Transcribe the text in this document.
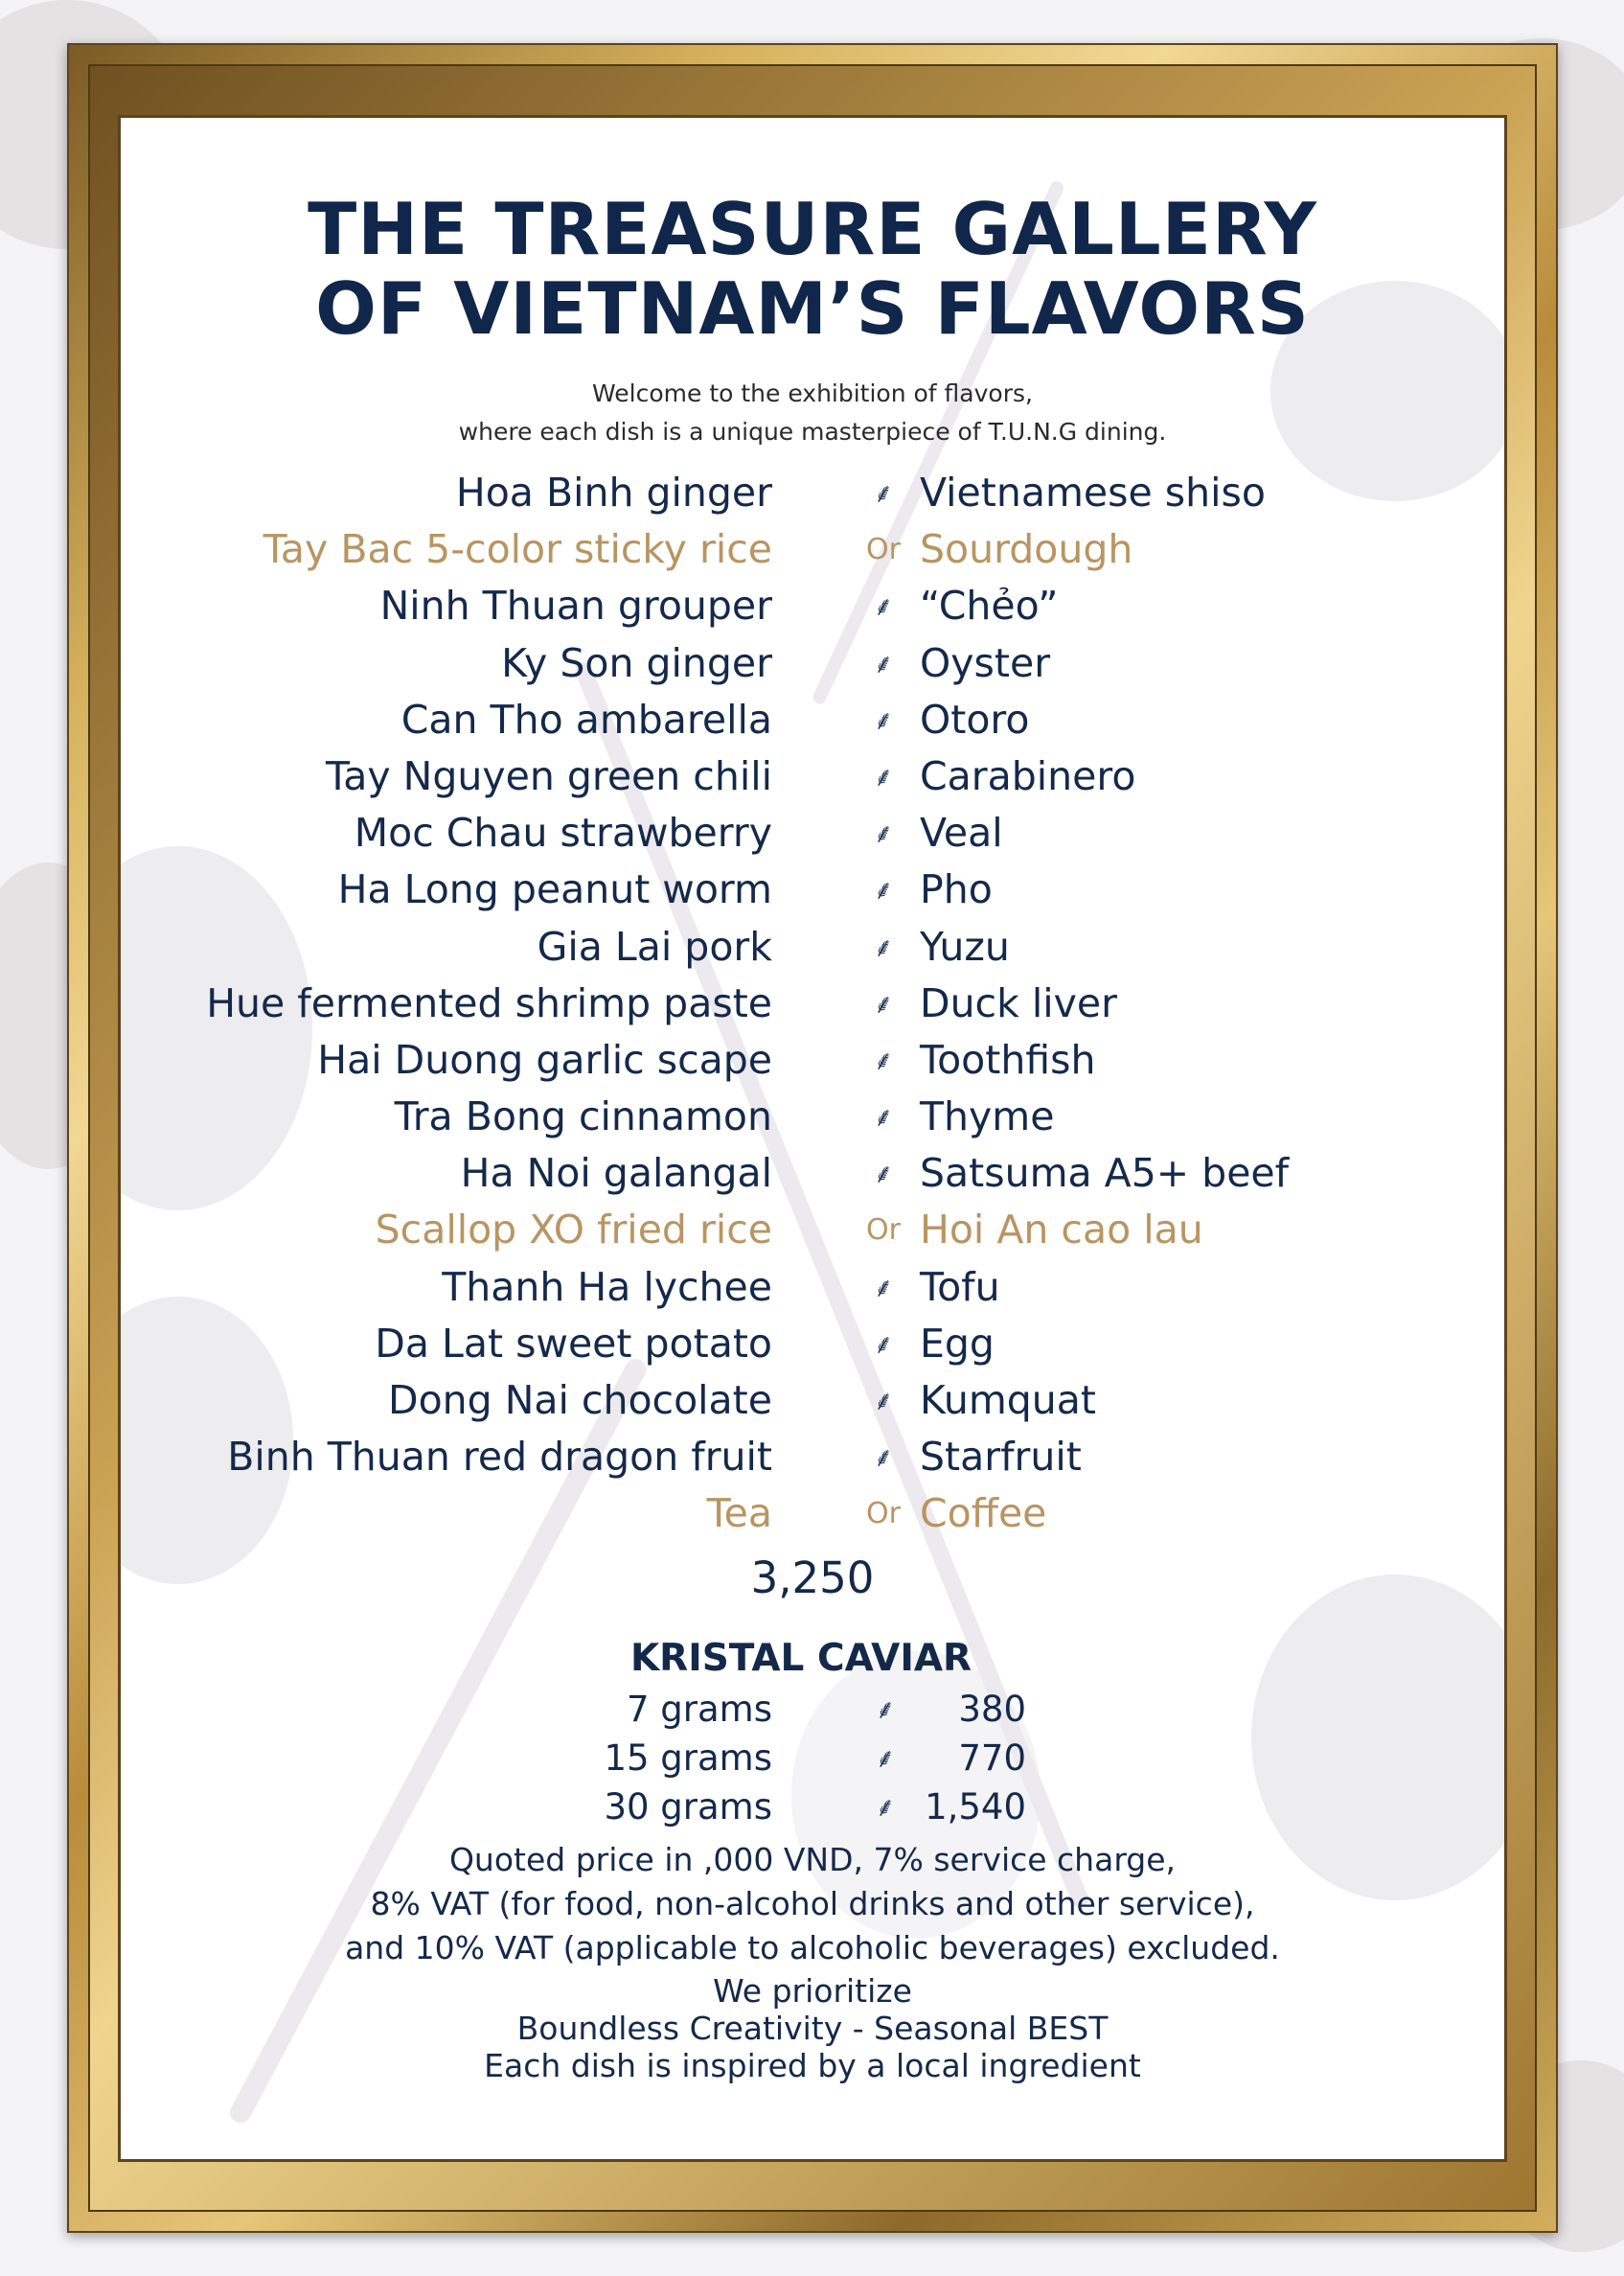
THE TREASURE GALLERY
OF VIETNAM’S FLAVORS
Welcome to the exhibition of flavors,
where each dish is a unique masterpiece of T.U.N.G dining.
Hoa Binh ginger	⸙ Vietnamese shiso
Tay Bac 5-color sticky rice	Or Sourdough
Ninh Thuan grouper	⸙ “Chẻo”
Ky Son ginger	⸙ Oyster
Can Tho ambarella	⸙ Otoro
Tay Nguyen green chili	⸙ Carabinero
Moc Chau strawberry	⸙ Veal
Ha Long peanut worm	⸙ Pho
Gia Lai pork	⸙ Yuzu
Hue fermented shrimp paste	⸙ Duck liver
Hai Duong garlic scape	⸙ Toothfish
Tra Bong cinnamon	⸙ Thyme
Ha Noi galangal	⸙ Satsuma A5+ beef
Scallop XO fried rice	Or Hoi An cao lau
Thanh Ha lychee	⸙ Tofu
Da Lat sweet potato	⸙ Egg
Dong Nai chocolate	⸙ Kumquat
Binh Thuan red dragon fruit	⸙ Starfruit
Tea	Or Coffee
3,250
KRISTAL CAVIAR
7 grams	⸙	380
15 grams	⸙	770
30 grams	⸙ 1,540
Quoted price in ,000 VND, 7% service charge,
8% VAT (for food, non-alcohol drinks and other service),
and 10% VAT (applicable to alcoholic beverages) excluded.
We prioritize
Boundless Creativity - Seasonal BEST
Each dish is inspired by a local ingredient
